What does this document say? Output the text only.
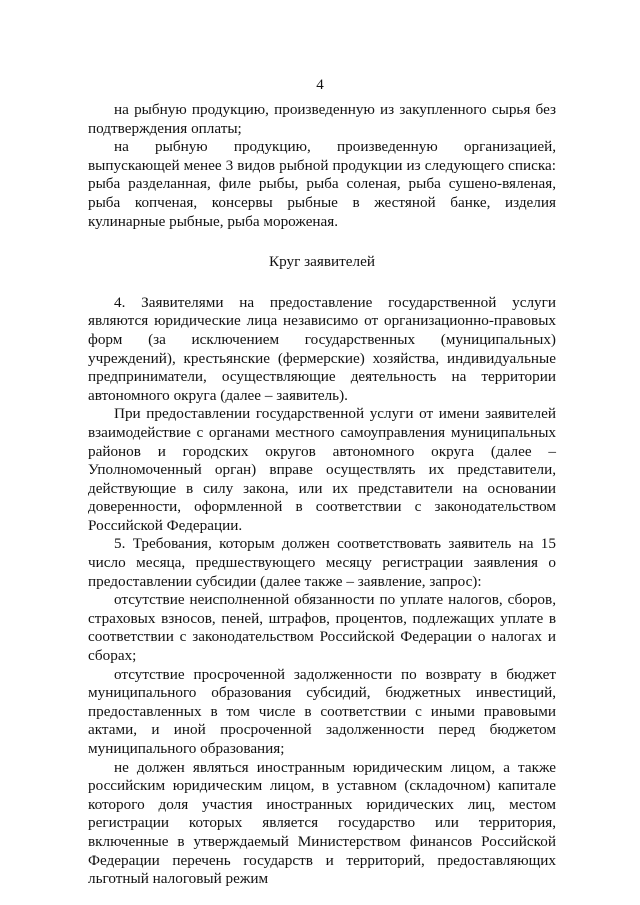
4

на рыбную продукцию, произведенную из закупленного сырья без подтверждения оплаты;

на рыбную продукцию, произведенную организацией, выпускающей менее 3 видов рыбной продукции из следующего списка: рыба разделанная, филе рыбы, рыба соленая, рыба сушено-вяленая, рыба копченая, консервы рыбные в жестяной банке, изделия кулинарные рыбные, рыба мороженая.

Круг заявителей

4. Заявителями на предоставление государственной услуги являются юридические лица независимо от организационно-правовых форм (за исключением государственных (муниципальных) учреждений), крестьянские (фермерские) хозяйства, индивидуальные предприниматели, осуществляющие деятельность на территории автономного округа (далее – заявитель).

При предоставлении государственной услуги от имени заявителей взаимодействие с органами местного самоуправления муниципальных районов и городских округов автономного округа (далее – Уполномоченный орган) вправе осуществлять их представители, действующие в силу закона, или их представители на основании доверенности, оформленной в соответствии с законодательством Российской Федерации.

5. Требования, которым должен соответствовать заявитель на 15 число месяца, предшествующего месяцу регистрации заявления о предоставлении субсидии (далее также – заявление, запрос):

отсутствие неисполненной обязанности по уплате налогов, сборов, страховых взносов, пеней, штрафов, процентов, подлежащих уплате в соответствии с законодательством Российской Федерации о налогах и сборах;

отсутствие просроченной задолженности по возврату в бюджет муниципального образования субсидий, бюджетных инвестиций, предоставленных в том числе в соответствии с иными правовыми актами, и иной просроченной задолженности перед бюджетом муниципального образования;

не должен являться иностранным юридическим лицом, а также российским юридическим лицом, в уставном (складочном) капитале которого доля участия иностранных юридических лиц, местом регистрации которых является государство или территория, включенные в утверждаемый Министерством финансов Российской Федерации перечень государств и территорий, предоставляющих льготный налоговый режим
